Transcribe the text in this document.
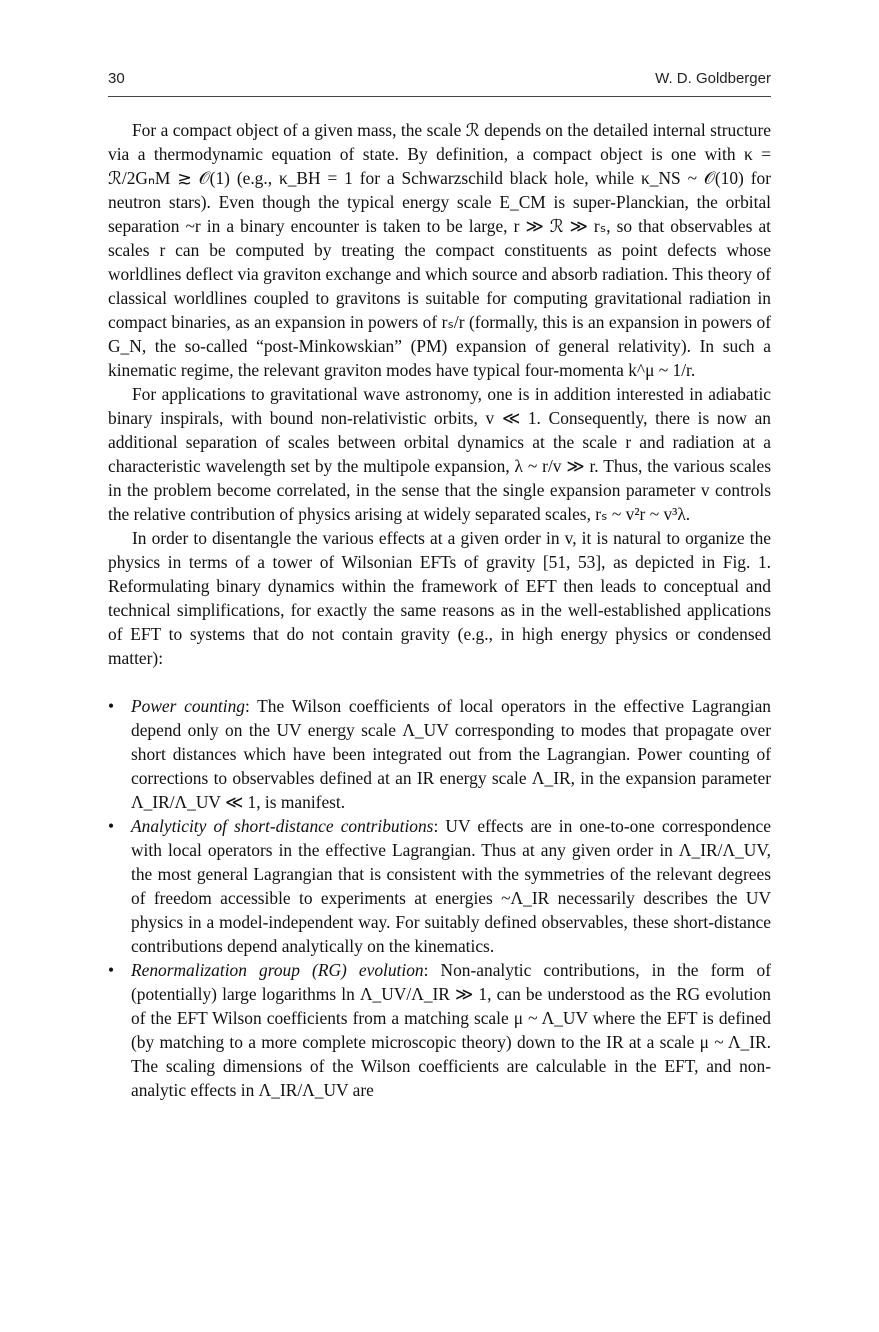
30	W. D. Goldberger

For a compact object of a given mass, the scale ℛ depends on the detailed internal structure via a thermodynamic equation of state. By definition, a compact object is one with κ = ℛ/2GₙM ≳ 𝒪(1) (e.g., κ_BH = 1 for a Schwarzschild black hole, while κ_NS ~ 𝒪(10) for neutron stars). Even though the typical energy scale E_CM is super-Planckian, the orbital separation ~r in a binary encounter is taken to be large, r ≫ ℛ ≫ rₛ, so that observables at scales r can be computed by treating the compact constituents as point defects whose worldlines deflect via graviton exchange and which source and absorb radiation. This theory of classical worldlines coupled to gravitons is suitable for computing gravitational radiation in compact binaries, as an expansion in powers of rₛ/r (formally, this is an expansion in powers of G_N, the so-called “post-Minkowskian” (PM) expansion of general relativity). In such a kinematic regime, the relevant graviton modes have typical four-momenta k^μ ~ 1/r.

For applications to gravitational wave astronomy, one is in addition interested in adiabatic binary inspirals, with bound non-relativistic orbits, v ≪ 1. Consequently, there is now an additional separation of scales between orbital dynamics at the scale r and radiation at a characteristic wavelength set by the multipole expansion, λ ~ r/v ≫ r. Thus, the various scales in the problem become correlated, in the sense that the single expansion parameter v controls the relative contribution of physics arising at widely separated scales, rₛ ~ v²r ~ v³λ.

In order to disentangle the various effects at a given order in v, it is natural to organize the physics in terms of a tower of Wilsonian EFTs of gravity [51, 53], as depicted in Fig. 1. Reformulating binary dynamics within the framework of EFT then leads to conceptual and technical simplifications, for exactly the same reasons as in the well-established applications of EFT to systems that do not contain gravity (e.g., in high energy physics or condensed matter):

• Power counting: The Wilson coefficients of local operators in the effective Lagrangian depend only on the UV energy scale Λ_UV corresponding to modes that propagate over short distances which have been integrated out from the Lagrangian. Power counting of corrections to observables defined at an IR energy scale Λ_IR, in the expansion parameter Λ_IR/Λ_UV ≪ 1, is manifest.
• Analyticity of short-distance contributions: UV effects are in one-to-one correspondence with local operators in the effective Lagrangian. Thus at any given order in Λ_IR/Λ_UV, the most general Lagrangian that is consistent with the symmetries of the relevant degrees of freedom accessible to experiments at energies ~Λ_IR necessarily describes the UV physics in a model-independent way. For suitably defined observables, these short-distance contributions depend analytically on the kinematics.
• Renormalization group (RG) evolution: Non-analytic contributions, in the form of (potentially) large logarithms ln Λ_UV/Λ_IR ≫ 1, can be understood as the RG evolution of the EFT Wilson coefficients from a matching scale μ ~ Λ_UV where the EFT is defined (by matching to a more complete microscopic theory) down to the IR at a scale μ ~ Λ_IR. The scaling dimensions of the Wilson coefficients are calculable in the EFT, and non-analytic effects in Λ_IR/Λ_UV are
